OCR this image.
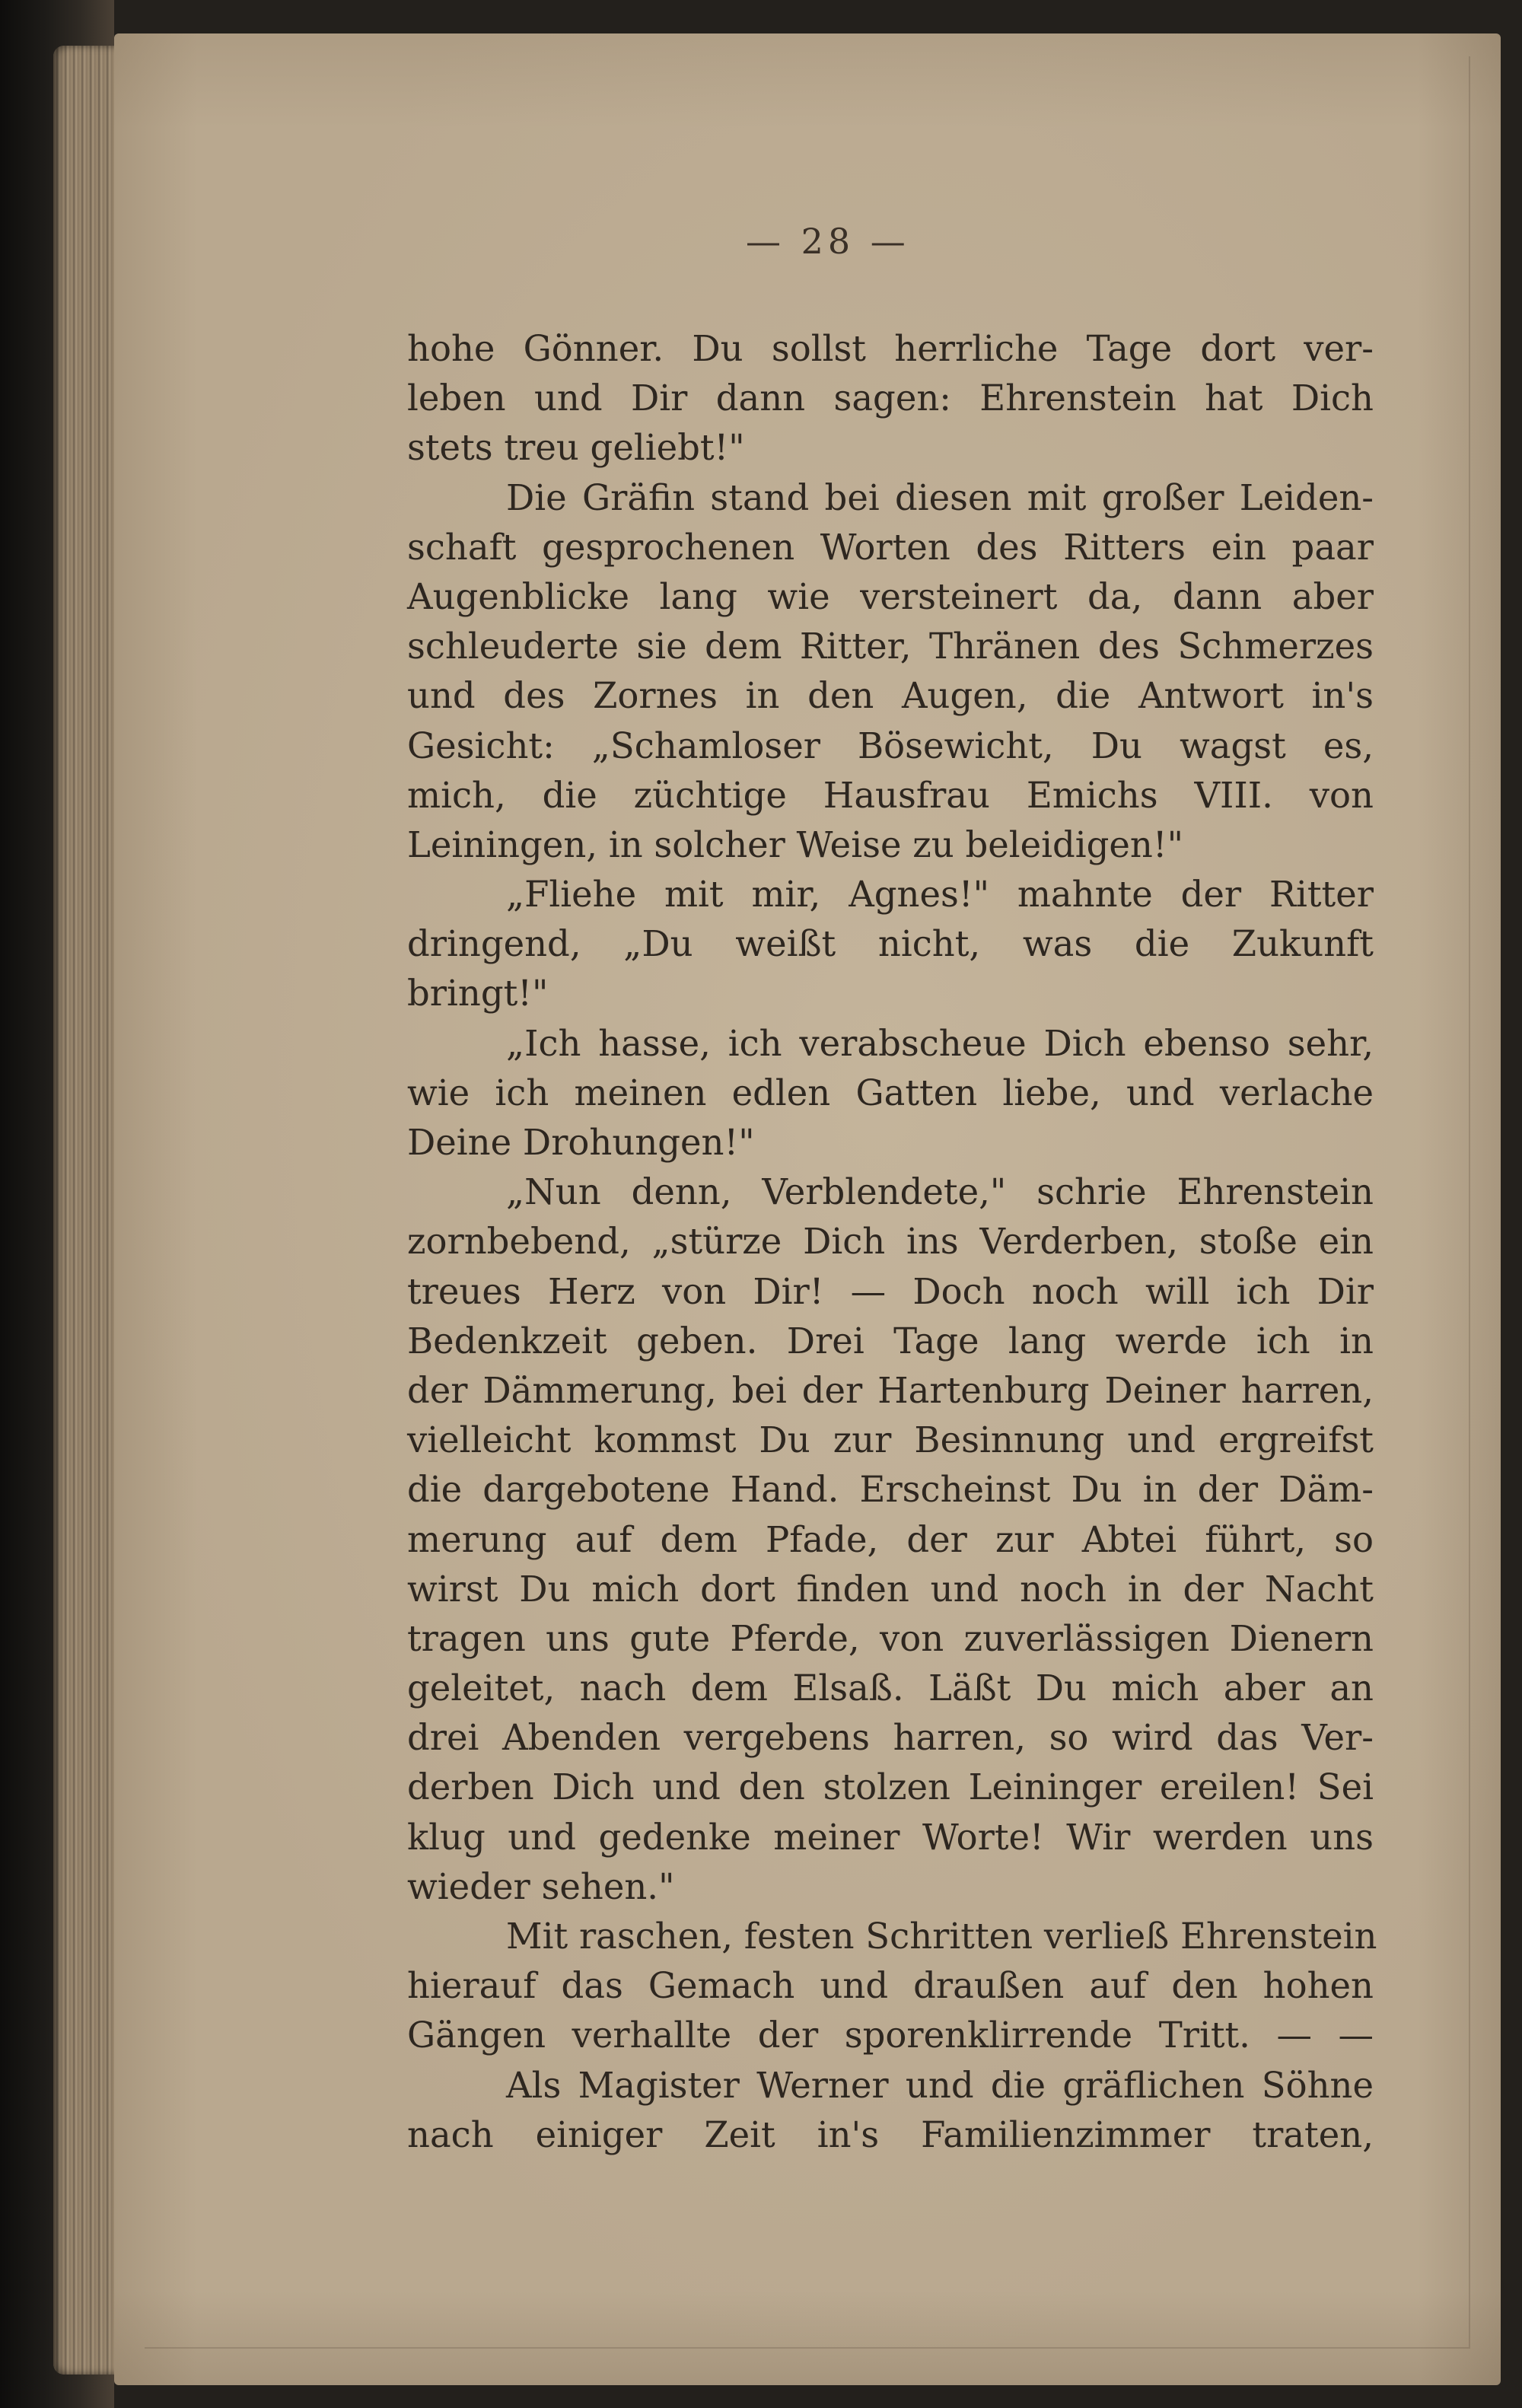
— 28 —
hohe Gönner. Du sollst herrliche Tage dort ver-
leben und Dir dann sagen: Ehrenstein hat Dich
stets treu geliebt!"
Die Gräfin stand bei diesen mit großer Leiden-
schaft gesprochenen Worten des Ritters ein paar
Augenblicke lang wie versteinert da, dann aber
schleuderte sie dem Ritter, Thränen des Schmerzes
und des Zornes in den Augen, die Antwort in's
Gesicht: „Schamloser Bösewicht, Du wagst es,
mich, die züchtige Hausfrau Emichs VIII. von
Leiningen, in solcher Weise zu beleidigen!"
„Fliehe mit mir, Agnes!" mahnte der Ritter
dringend, „Du weißt nicht, was die Zukunft
bringt!"
„Ich hasse, ich verabscheue Dich ebenso sehr,
wie ich meinen edlen Gatten liebe, und verlache
Deine Drohungen!"
„Nun denn, Verblendete," schrie Ehrenstein
zornbebend, „stürze Dich ins Verderben, stoße ein
treues Herz von Dir! — Doch noch will ich Dir
Bedenkzeit geben. Drei Tage lang werde ich in
der Dämmerung, bei der Hartenburg Deiner harren,
vielleicht kommst Du zur Besinnung und ergreifst
die dargebotene Hand. Erscheinst Du in der Däm-
merung auf dem Pfade, der zur Abtei führt, so
wirst Du mich dort finden und noch in der Nacht
tragen uns gute Pferde, von zuverlässigen Dienern
geleitet, nach dem Elsaß. Läßt Du mich aber an
drei Abenden vergebens harren, so wird das Ver-
derben Dich und den stolzen Leininger ereilen! Sei
klug und gedenke meiner Worte! Wir werden uns
wieder sehen."
Mit raschen, festen Schritten verließ Ehrenstein
hierauf das Gemach und draußen auf den hohen
Gängen verhallte der sporenklirrende Tritt. — —
Als Magister Werner und die gräflichen Söhne
nach einiger Zeit in's Familienzimmer traten,
